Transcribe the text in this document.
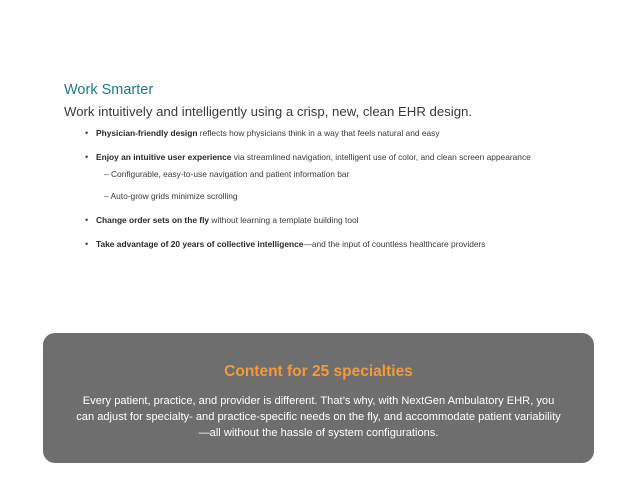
Work Smarter
Work intuitively and intelligently using a crisp, new, clean EHR design.
• Physician-friendly design reflects how physicians think in a way that feels natural and easy
• Enjoy an intuitive user experience via streamlined navigation, intelligent use of color, and clean screen appearance
– Configurable, easy-to-use navigation and patient information bar
– Auto-grow grids minimize scrolling
• Change order sets on the fly without learning a template building tool
• Take advantage of 20 years of collective intelligence—and the input of countless healthcare providers
Content for 25 specialties
Every patient, practice, and provider is different. That’s why, with NextGen Ambulatory EHR, you can adjust for specialty- and practice-specific needs on the fly, and accommodate patient variability—all without the hassle of system configurations.
